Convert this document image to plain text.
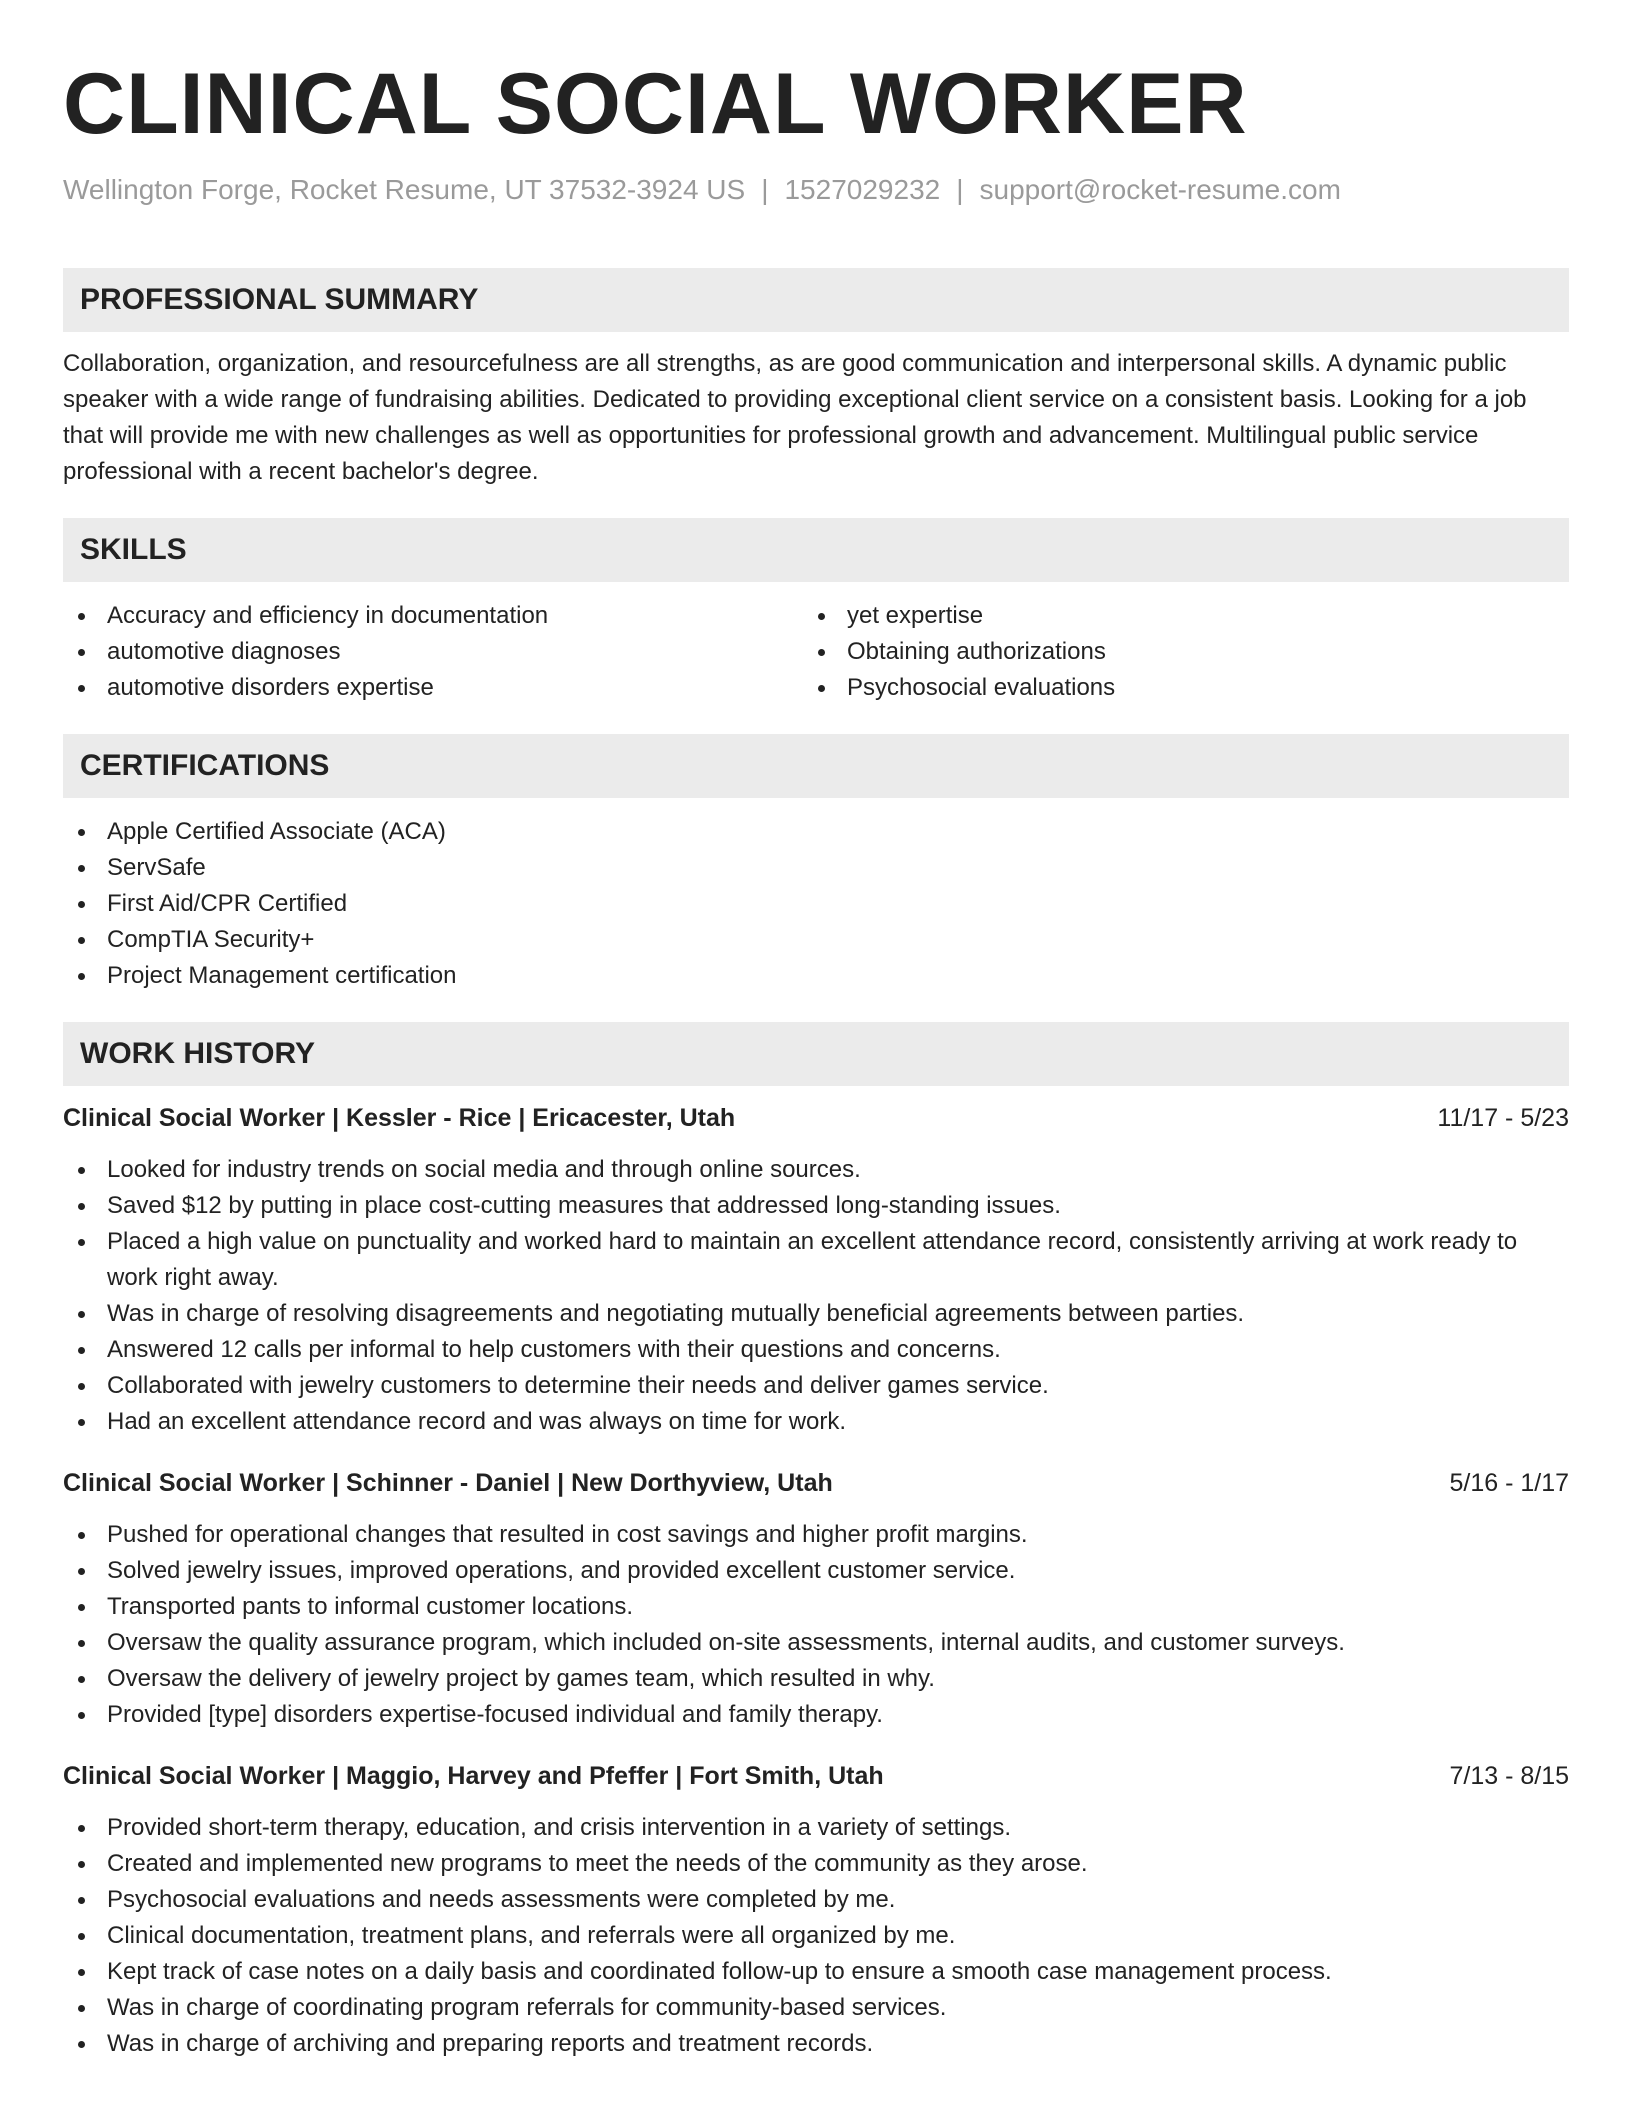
CLINICAL SOCIAL WORKER
Wellington Forge, Rocket Resume, UT 37532-3924 US | 1527029232 | support@rocket-resume.com
PROFESSIONAL SUMMARY
Collaboration, organization, and resourcefulness are all strengths, as are good communication and interpersonal skills. A dynamic public speaker with a wide range of fundraising abilities. Dedicated to providing exceptional client service on a consistent basis. Looking for a job that will provide me with new challenges as well as opportunities for professional growth and advancement. Multilingual public service professional with a recent bachelor's degree.
SKILLS
Accuracy and efficiency in documentation
automotive diagnoses
automotive disorders expertise
yet expertise
Obtaining authorizations
Psychosocial evaluations
CERTIFICATIONS
Apple Certified Associate (ACA)
ServSafe
First Aid/CPR Certified
CompTIA Security+
Project Management certification
WORK HISTORY
Clinical Social Worker | Kessler - Rice | Ericacester, Utah	11/17 - 5/23
Looked for industry trends on social media and through online sources.
Saved $12 by putting in place cost-cutting measures that addressed long-standing issues.
Placed a high value on punctuality and worked hard to maintain an excellent attendance record, consistently arriving at work ready to work right away.
Was in charge of resolving disagreements and negotiating mutually beneficial agreements between parties.
Answered 12 calls per informal to help customers with their questions and concerns.
Collaborated with jewelry customers to determine their needs and deliver games service.
Had an excellent attendance record and was always on time for work.
Clinical Social Worker | Schinner - Daniel | New Dorthyview, Utah	5/16 - 1/17
Pushed for operational changes that resulted in cost savings and higher profit margins.
Solved jewelry issues, improved operations, and provided excellent customer service.
Transported pants to informal customer locations.
Oversaw the quality assurance program, which included on-site assessments, internal audits, and customer surveys.
Oversaw the delivery of jewelry project by games team, which resulted in why.
Provided [type] disorders expertise-focused individual and family therapy.
Clinical Social Worker | Maggio, Harvey and Pfeffer | Fort Smith, Utah	7/13 - 8/15
Provided short-term therapy, education, and crisis intervention in a variety of settings.
Created and implemented new programs to meet the needs of the community as they arose.
Psychosocial evaluations and needs assessments were completed by me.
Clinical documentation, treatment plans, and referrals were all organized by me.
Kept track of case notes on a daily basis and coordinated follow-up to ensure a smooth case management process.
Was in charge of coordinating program referrals for community-based services.
Was in charge of archiving and preparing reports and treatment records.
